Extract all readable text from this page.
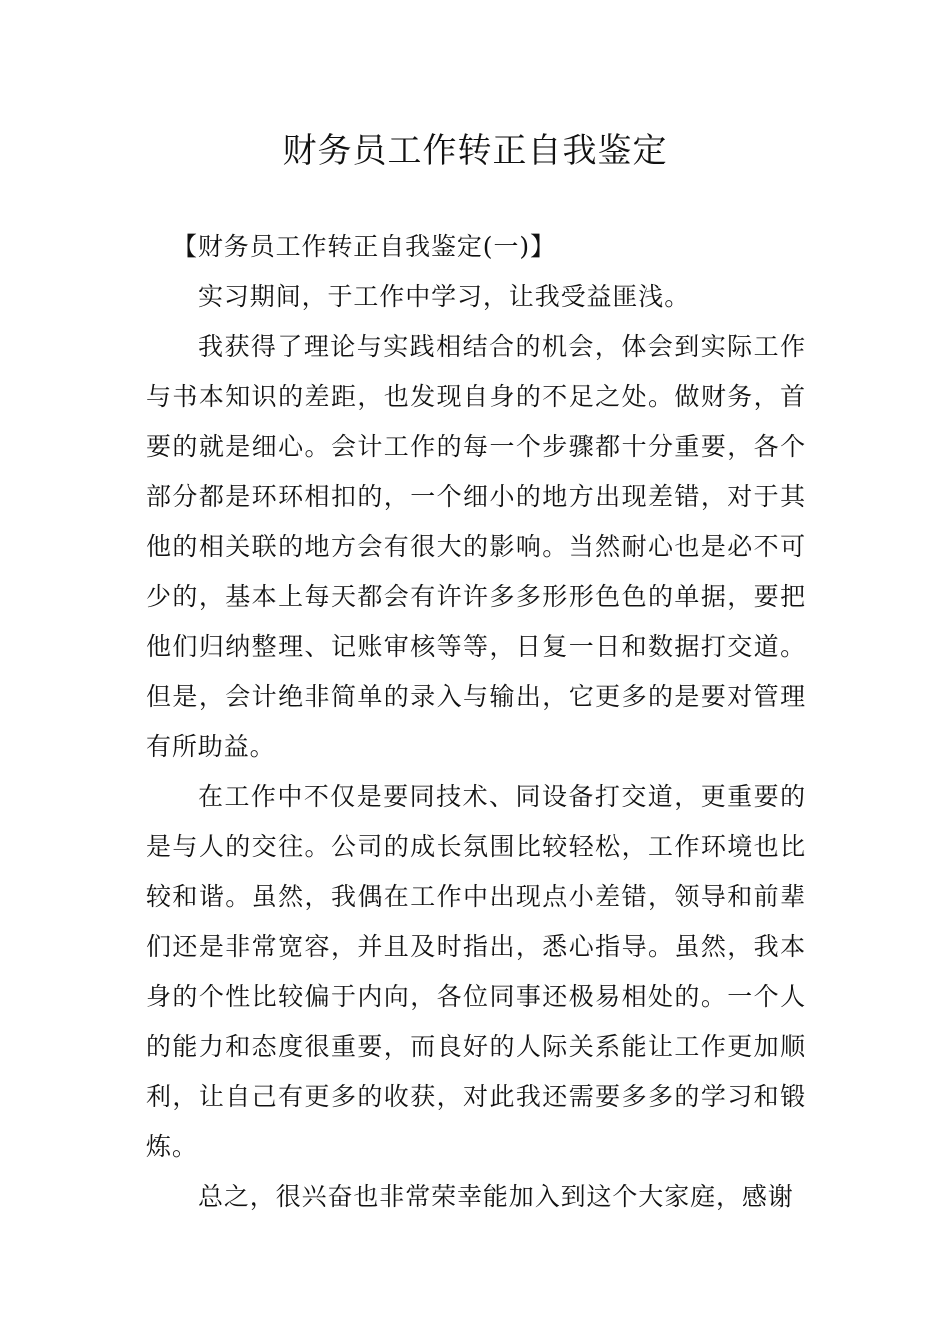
财务员工作转正自我鉴定

【财务员工作转正自我鉴定(一)】

实习期间，于工作中学习，让我受益匪浅。

我获得了理论与实践相结合的机会，体会到实际工作与书本知识的差距，也发现自身的不足之处。做财务，首要的就是细心。会计工作的每一个步骤都十分重要，各个部分都是环环相扣的，一个细小的地方出现差错，对于其他的相关联的地方会有很大的影响。当然耐心也是必不可少的，基本上每天都会有许许多多形形色色的单据，要把他们归纳整理、记账审核等等，日复一日和数据打交道。但是，会计绝非简单的录入与输出，它更多的是要对管理有所助益。

在工作中不仅是要同技术、同设备打交道，更重要的是与人的交往。公司的成长氛围比较轻松，工作环境也比较和谐。虽然，我偶在工作中出现点小差错，领导和前辈们还是非常宽容，并且及时指出，悉心指导。虽然，我本身的个性比较偏于内向，各位同事还极易相处的。一个人的能力和态度很重要，而良好的人际关系能让工作更加顺利，让自己有更多的收获，对此我还需要多多的学习和锻炼。

总之，很兴奋也非常荣幸能加入到这个大家庭，感谢
